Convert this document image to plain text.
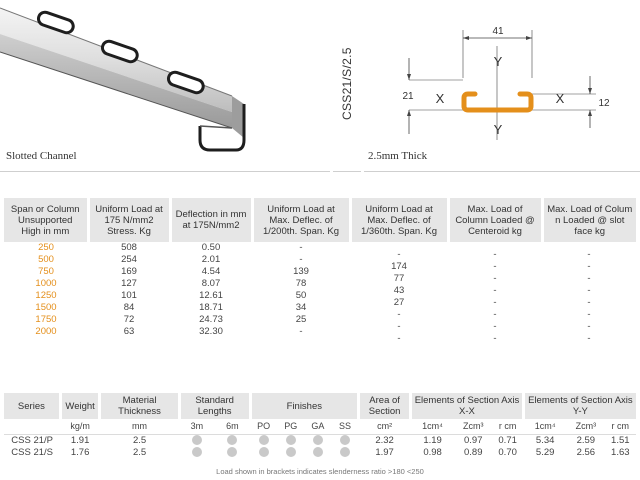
Slotted Channel
CSS21/S/2.5
41
21
12
Y
Y
X	X
2.5mm Thick
Span or Column Unsupported High in mm	Uniform Load at 175 N/mm2 Stress. Kg	Deflection in mm at 175N/mm2	Uniform Load at Max. Deflec. of 1/200th. Span. Kg	Uniform Load at Max. Deflec. of 1/360th. Span. Kg	Max. Load of Column Loaded @ Centeroid kg	Max. Load of Colum n Loaded @ slot face kg
250	508	0.50	-	-	-	-
500	254	2.01	-	174	-	-
750	169	4.54	139	77	-	-
1000	127	8.07	78	43	-	-
1250	101	12.61	50	27	-	-
1500	84	18.71	34	-	-	-
1750	72	24.73	25	-	-	-
2000	63	32.30	-	-	-	-
Series	Weight	Material Thickness	Standard Lengths		Finishes				Area of Section	Elements of Section Axis X-X			Elements of Section Axis Y-Y		
	kg/m	mm	3m	6m	PO	PG	GA	SS	cm²	1cm⁴	Zcm³	r cm	1cm⁴	Zcm³	r cm
CSS 21/P	1.91	2.5							2.32	1.19	0.97	0.71	5.34	2.59	1.51
CSS 21/S	1.76	2.5							1.97	0.98	0.89	0.70	5.29	2.56	1.63
Load shown in brackets indicates slenderness ratio >180 <250
